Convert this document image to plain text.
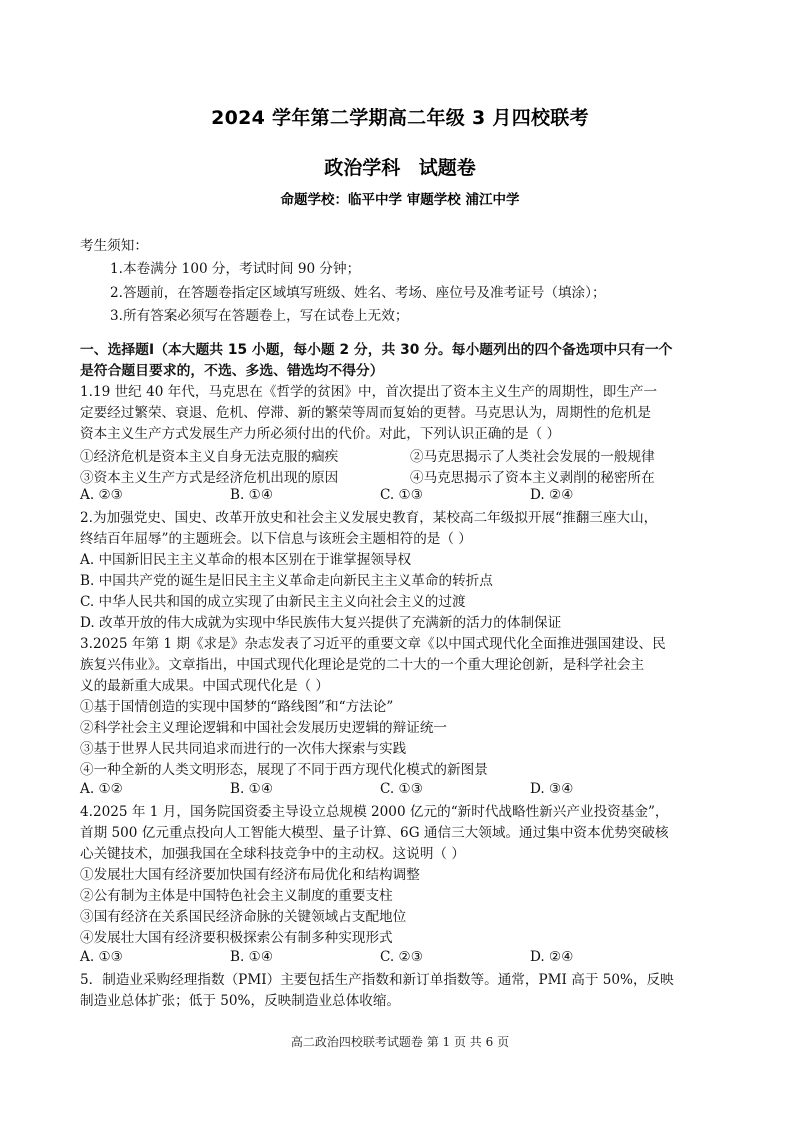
2024 学年第二学期高二年级 3 月四校联考
政治学科 试题卷
命题学校：临平中学 审题学校 浦江中学
考生须知：
1.本卷满分 100 分，考试时间 90 分钟；
2.答题前，在答题卷指定区域填写班级、姓名、考场、座位号及准考证号（填涂）；
3.所有答案必须写在答题卷上，写在试卷上无效；
一、选择题Ⅰ（本大题共 15 小题，每小题 2 分，共 30 分。每小题列出的四个备选项中只有一个
是符合题目要求的，不选、多选、错选均不得分）
1.19 世纪 40 年代，马克思在《哲学的贫困》中，首次提出了资本主义生产的周期性，即生产一
定要经过繁荣、衰退、危机、停滞、新的繁荣等周而复始的更替。马克思认为，周期性的危机是
资本主义生产方式发展生产力所必须付出的代价。对此，下列认识正确的是（ ）
①经济危机是资本主义自身无法克服的痼疾	②马克思揭示了人类社会发展的一般规律
③资本主义生产方式是经济危机出现的原因	④马克思揭示了资本主义剥削的秘密所在
A. ②③	B. ①④	C. ①③	D. ②④
2.为加强党史、国史、改革开放史和社会主义发展史教育，某校高二年级拟开展“推翻三座大山，
终结百年屈辱”的主题班会。以下信息与该班会主题相符的是（ ）
A. 中国新旧民主主义革命的根本区别在于谁掌握领导权
B. 中国共产党的诞生是旧民主主义革命走向新民主主义革命的转折点
C. 中华人民共和国的成立实现了由新民主主义向社会主义的过渡
D. 改革开放的伟大成就为实现中华民族伟大复兴提供了充满新的活力的体制保证
3.2025 年第 1 期《求是》杂志发表了习近平的重要文章《以中国式现代化全面推进强国建设、民
族复兴伟业》。文章指出，中国式现代化理论是党的二十大的一个重大理论创新，是科学社会主
义的最新重大成果。中国式现代化是（ ）
①基于国情创造的实现中国梦的“路线图”和“方法论”
②科学社会主义理论逻辑和中国社会发展历史逻辑的辩证统一
③基于世界人民共同追求而进行的一次伟大探索与实践
④一种全新的人类文明形态，展现了不同于西方现代化模式的新图景
A. ①②	B. ①④	C. ①③	D. ③④
4.2025 年 1 月，国务院国资委主导设立总规模 2000 亿元的“新时代战略性新兴产业投资基金”，
首期 500 亿元重点投向人工智能大模型、量子计算、6G 通信三大领域。通过集中资本优势突破核
心关键技术，加强我国在全球科技竞争中的主动权。这说明（ ）
①发展壮大国有经济要加快国有经济布局优化和结构调整
②公有制为主体是中国特色社会主义制度的重要支柱
③国有经济在关系国民经济命脉的关键领域占支配地位
④发展壮大国有经济要积极探索公有制多种实现形式
A. ①③	B. ①④	C. ②③	D. ②④
5．制造业采购经理指数（PMI）主要包括生产指数和新订单指数等。通常，PMI 高于 50%，反映
制造业总体扩张；低于 50%，反映制造业总体收缩。
高二政治四校联考试题卷 第 1 页 共 6 页
